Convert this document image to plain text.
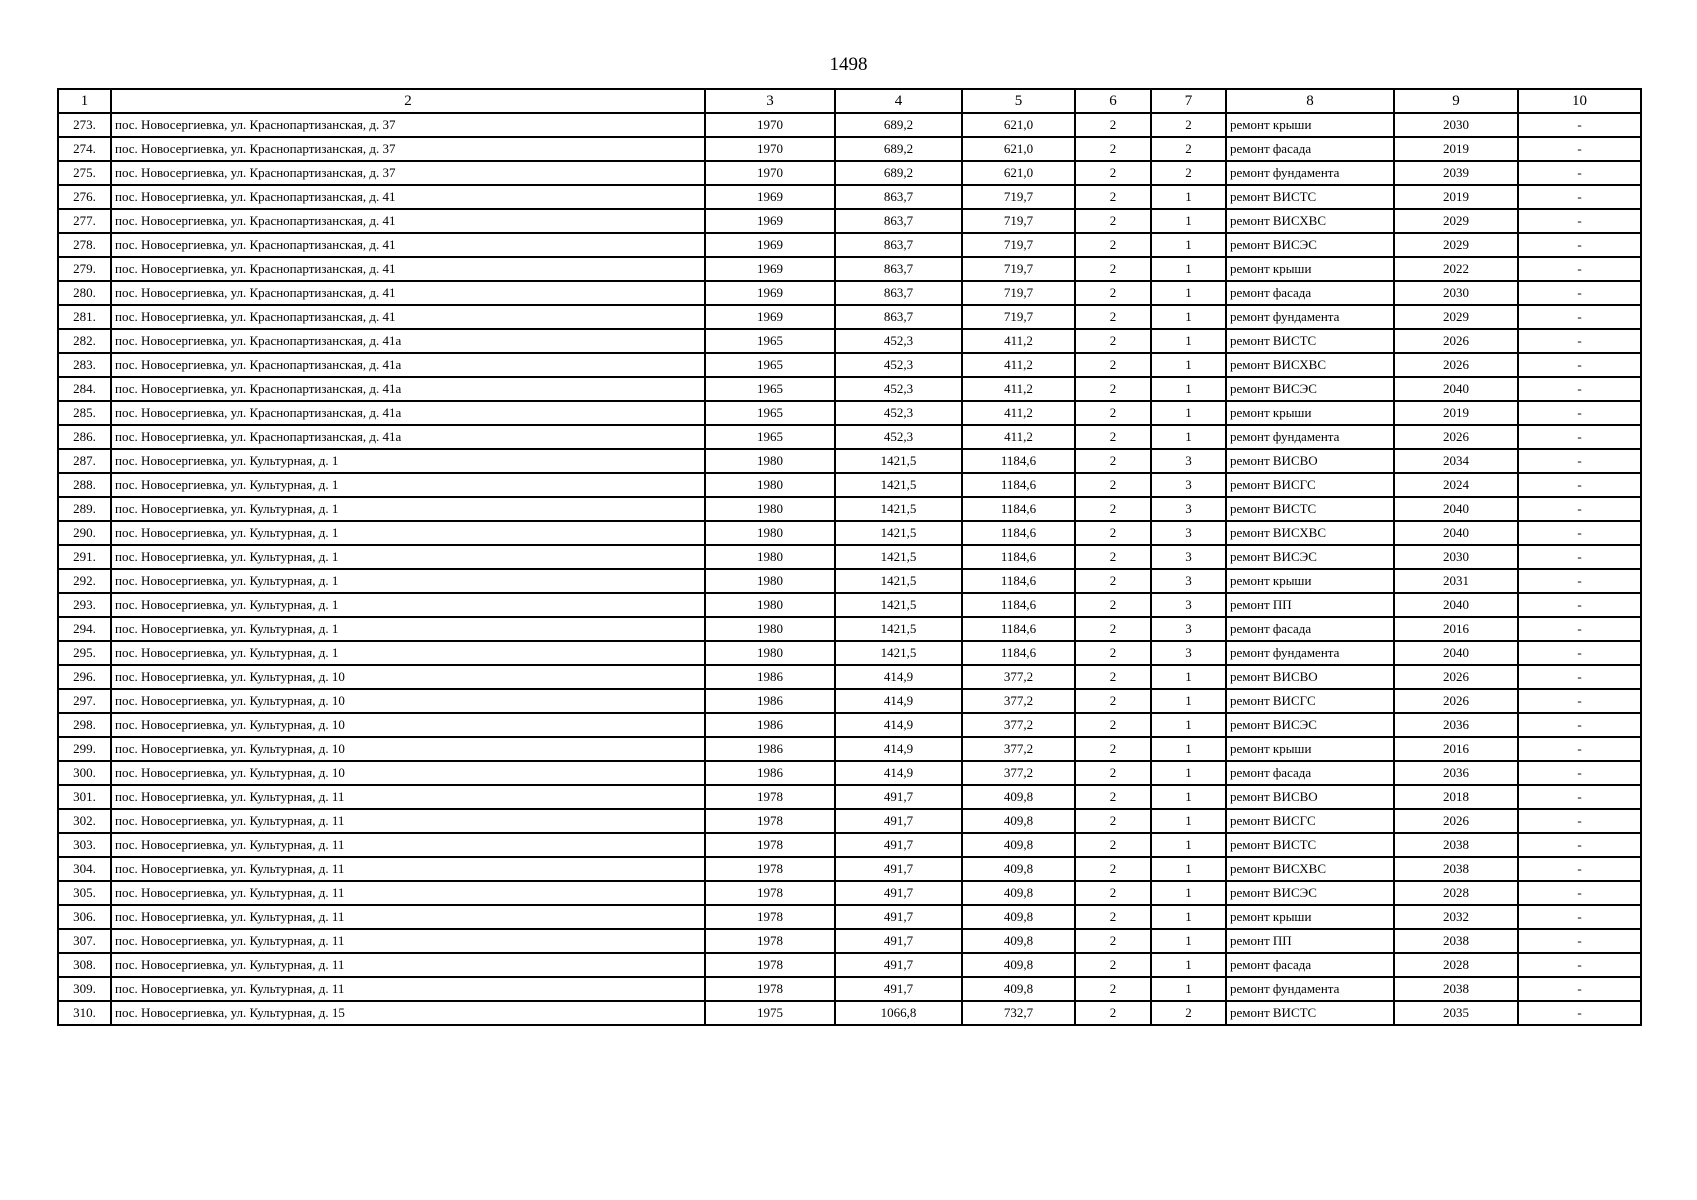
1498
1	2	3	4	5	6	7	8	9	10
273.	пос. Новосергиевка, ул. Краснопартизанская, д. 37	1970	689,2	621,0	2	2	ремонт крыши	2030	-
274.	пос. Новосергиевка, ул. Краснопартизанская, д. 37	1970	689,2	621,0	2	2	ремонт фасада	2019	-
275.	пос. Новосергиевка, ул. Краснопартизанская, д. 37	1970	689,2	621,0	2	2	ремонт фундамента	2039	-
276.	пос. Новосергиевка, ул. Краснопартизанская, д. 41	1969	863,7	719,7	2	1	ремонт ВИСТС	2019	-
277.	пос. Новосергиевка, ул. Краснопартизанская, д. 41	1969	863,7	719,7	2	1	ремонт ВИСХВС	2029	-
278.	пос. Новосергиевка, ул. Краснопартизанская, д. 41	1969	863,7	719,7	2	1	ремонт ВИСЭС	2029	-
279.	пос. Новосергиевка, ул. Краснопартизанская, д. 41	1969	863,7	719,7	2	1	ремонт крыши	2022	-
280.	пос. Новосергиевка, ул. Краснопартизанская, д. 41	1969	863,7	719,7	2	1	ремонт фасада	2030	-
281.	пос. Новосергиевка, ул. Краснопартизанская, д. 41	1969	863,7	719,7	2	1	ремонт фундамента	2029	-
282.	пос. Новосергиевка, ул. Краснопартизанская, д. 41а	1965	452,3	411,2	2	1	ремонт ВИСТС	2026	-
283.	пос. Новосергиевка, ул. Краснопартизанская, д. 41а	1965	452,3	411,2	2	1	ремонт ВИСХВС	2026	-
284.	пос. Новосергиевка, ул. Краснопартизанская, д. 41а	1965	452,3	411,2	2	1	ремонт ВИСЭС	2040	-
285.	пос. Новосергиевка, ул. Краснопартизанская, д. 41а	1965	452,3	411,2	2	1	ремонт крыши	2019	-
286.	пос. Новосергиевка, ул. Краснопартизанская, д. 41а	1965	452,3	411,2	2	1	ремонт фундамента	2026	-
287.	пос. Новосергиевка, ул. Культурная, д. 1	1980	1421,5	1184,6	2	3	ремонт ВИСВО	2034	-
288.	пос. Новосергиевка, ул. Культурная, д. 1	1980	1421,5	1184,6	2	3	ремонт ВИСГС	2024	-
289.	пос. Новосергиевка, ул. Культурная, д. 1	1980	1421,5	1184,6	2	3	ремонт ВИСТС	2040	-
290.	пос. Новосергиевка, ул. Культурная, д. 1	1980	1421,5	1184,6	2	3	ремонт ВИСХВС	2040	-
291.	пос. Новосергиевка, ул. Культурная, д. 1	1980	1421,5	1184,6	2	3	ремонт ВИСЭС	2030	-
292.	пос. Новосергиевка, ул. Культурная, д. 1	1980	1421,5	1184,6	2	3	ремонт крыши	2031	-
293.	пос. Новосергиевка, ул. Культурная, д. 1	1980	1421,5	1184,6	2	3	ремонт ПП	2040	-
294.	пос. Новосергиевка, ул. Культурная, д. 1	1980	1421,5	1184,6	2	3	ремонт фасада	2016	-
295.	пос. Новосергиевка, ул. Культурная, д. 1	1980	1421,5	1184,6	2	3	ремонт фундамента	2040	-
296.	пос. Новосергиевка, ул. Культурная, д. 10	1986	414,9	377,2	2	1	ремонт ВИСВО	2026	-
297.	пос. Новосергиевка, ул. Культурная, д. 10	1986	414,9	377,2	2	1	ремонт ВИСГС	2026	-
298.	пос. Новосергиевка, ул. Культурная, д. 10	1986	414,9	377,2	2	1	ремонт ВИСЭС	2036	-
299.	пос. Новосергиевка, ул. Культурная, д. 10	1986	414,9	377,2	2	1	ремонт крыши	2016	-
300.	пос. Новосергиевка, ул. Культурная, д. 10	1986	414,9	377,2	2	1	ремонт фасада	2036	-
301.	пос. Новосергиевка, ул. Культурная, д. 11	1978	491,7	409,8	2	1	ремонт ВИСВО	2018	-
302.	пос. Новосергиевка, ул. Культурная, д. 11	1978	491,7	409,8	2	1	ремонт ВИСГС	2026	-
303.	пос. Новосергиевка, ул. Культурная, д. 11	1978	491,7	409,8	2	1	ремонт ВИСТС	2038	-
304.	пос. Новосергиевка, ул. Культурная, д. 11	1978	491,7	409,8	2	1	ремонт ВИСХВС	2038	-
305.	пос. Новосергиевка, ул. Культурная, д. 11	1978	491,7	409,8	2	1	ремонт ВИСЭС	2028	-
306.	пос. Новосергиевка, ул. Культурная, д. 11	1978	491,7	409,8	2	1	ремонт крыши	2032	-
307.	пос. Новосергиевка, ул. Культурная, д. 11	1978	491,7	409,8	2	1	ремонт ПП	2038	-
308.	пос. Новосергиевка, ул. Культурная, д. 11	1978	491,7	409,8	2	1	ремонт фасада	2028	-
309.	пос. Новосергиевка, ул. Культурная, д. 11	1978	491,7	409,8	2	1	ремонт фундамента	2038	-
310.	пос. Новосергиевка, ул. Культурная, д. 15	1975	1066,8	732,7	2	2	ремонт ВИСТС	2035	-
